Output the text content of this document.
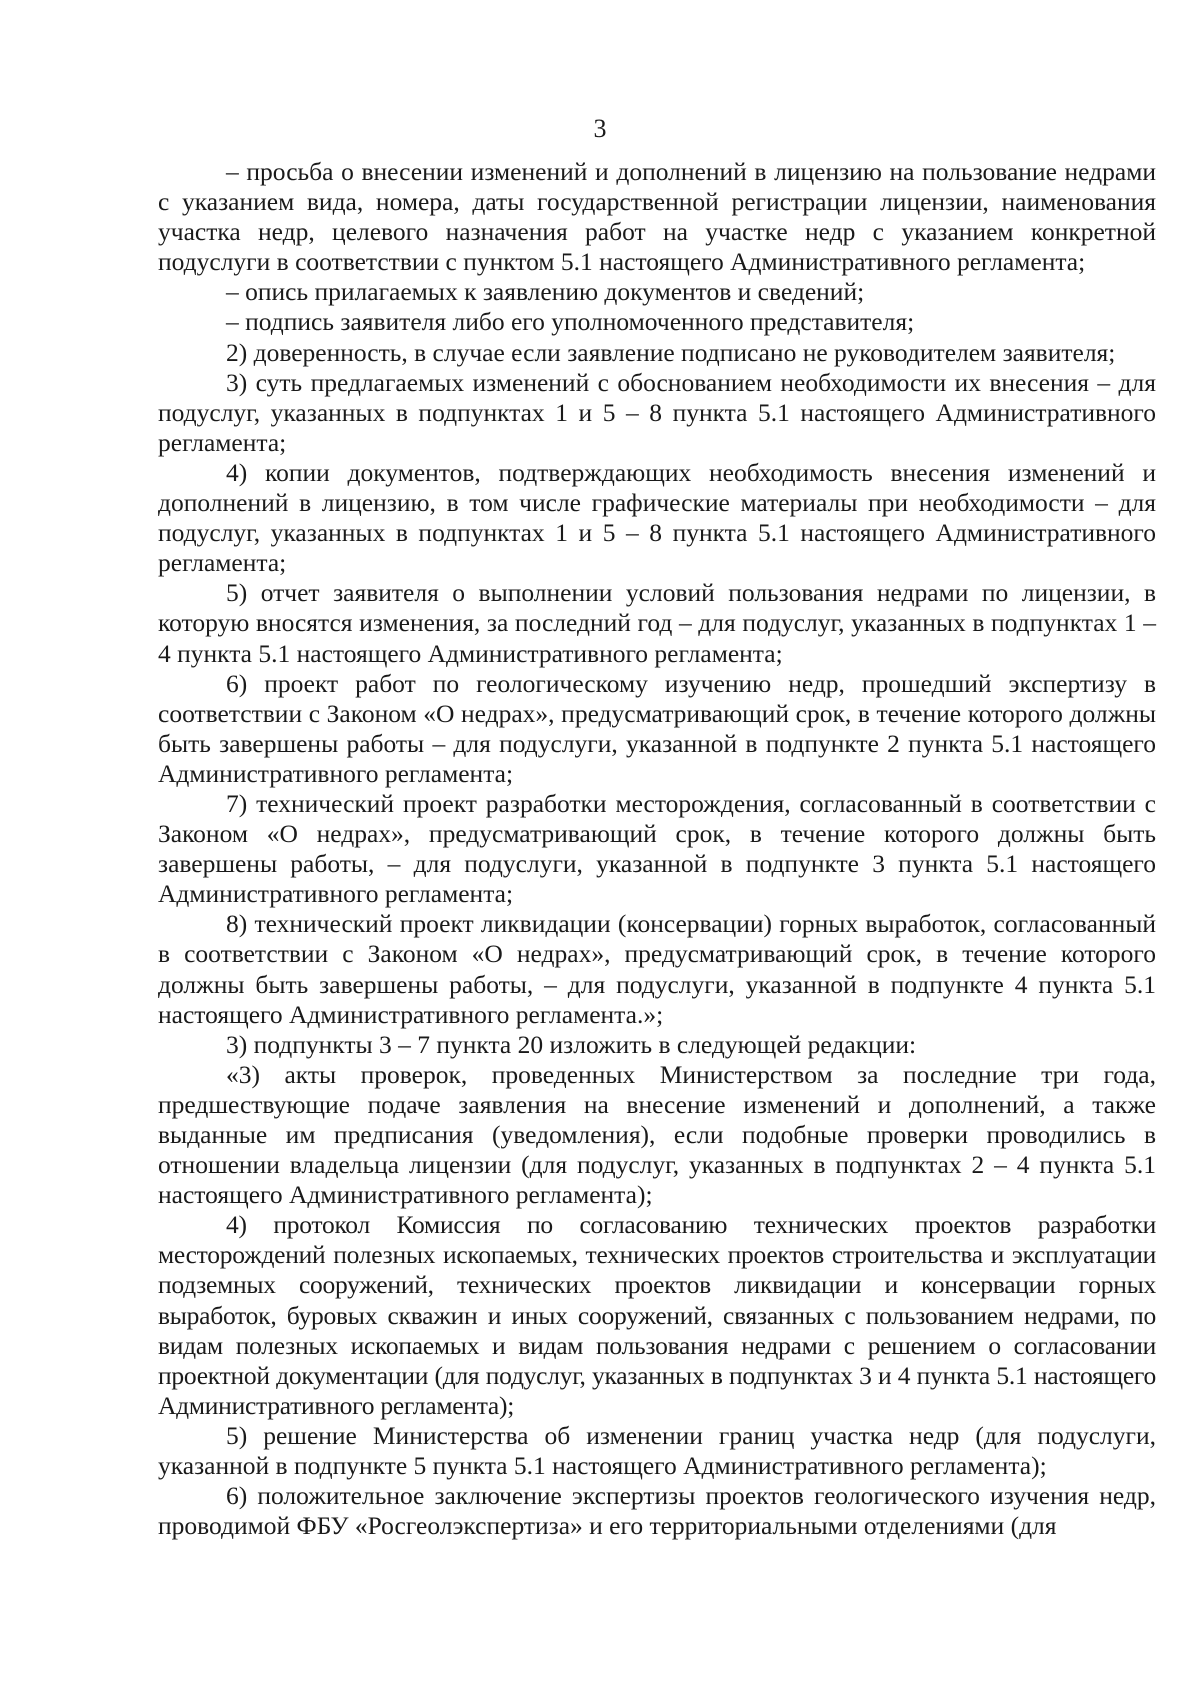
3

– просьба о внесении изменений и дополнений в лицензию на пользование недрами с указанием вида, номера, даты государственной регистрации лицензии, наименования участка недр, целевого назначения работ на участке недр с указанием конкретной подуслуги в соответствии с пунктом 5.1 настоящего Административного регламента;

– опись прилагаемых к заявлению документов и сведений;

– подпись заявителя либо его уполномоченного представителя;

2) доверенность, в случае если заявление подписано не руководителем заявителя;

3) суть предлагаемых изменений с обоснованием необходимости их внесения – для подуслуг, указанных в подпунктах 1 и 5 – 8 пункта 5.1 настоящего Административного регламента;

4) копии документов, подтверждающих необходимость внесения изменений и дополнений в лицензию, в том числе графические материалы при необходимости – для подуслуг, указанных в подпунктах 1 и 5 – 8 пункта 5.1 настоящего Административного регламента;

5) отчет заявителя о выполнении условий пользования недрами по лицензии, в которую вносятся изменения, за последний год – для подуслуг, указанных в подпунктах 1 – 4 пункта 5.1 настоящего Административного регламента;

6) проект работ по геологическому изучению недр, прошедший экспертизу в соответствии с Законом «О недрах», предусматривающий срок, в течение которого должны быть завершены работы – для подуслуги, указанной в подпункте 2 пункта 5.1 настоящего Административного регламента;

7) технический проект разработки месторождения, согласованный в соответствии с Законом «О недрах», предусматривающий срок, в течение которого должны быть завершены работы, – для подуслуги, указанной в подпункте 3 пункта 5.1 настоящего Административного регламента;

8) технический проект ликвидации (консервации) горных выработок, согласованный в соответствии с Законом «О недрах», предусматривающий срок, в течение которого должны быть завершены работы, – для подуслуги, указанной в подпункте 4 пункта 5.1 настоящего Административного регламента.»;

3) подпункты 3 – 7 пункта 20 изложить в следующей редакции:

«3) акты проверок, проведенных Министерством за последние три года, предшествующие подаче заявления на внесение изменений и дополнений, а также выданные им предписания (уведомления), если подобные проверки проводились в отношении владельца лицензии (для подуслуг, указанных в подпунктах 2 – 4 пункта 5.1 настоящего Административного регламента);

4) протокол Комиссия по согласованию технических проектов разработки месторождений полезных ископаемых, технических проектов строительства и эксплуатации подземных сооружений, технических проектов ликвидации и консервации горных выработок, буровых скважин и иных сооружений, связанных с пользованием недрами, по видам полезных ископаемых и видам пользования недрами с решением о согласовании проектной документации (для подуслуг, указанных в подпунктах 3 и 4 пункта 5.1 настоящего Административного регламента);

5) решение Министерства об изменении границ участка недр (для подуслуги, указанной в подпункте 5 пункта 5.1 настоящего Административного регламента);

6) положительное заключение экспертизы проектов геологического изучения недр, проводимой ФБУ «Росгеолэкспертиза» и его территориальными отделениями (для
